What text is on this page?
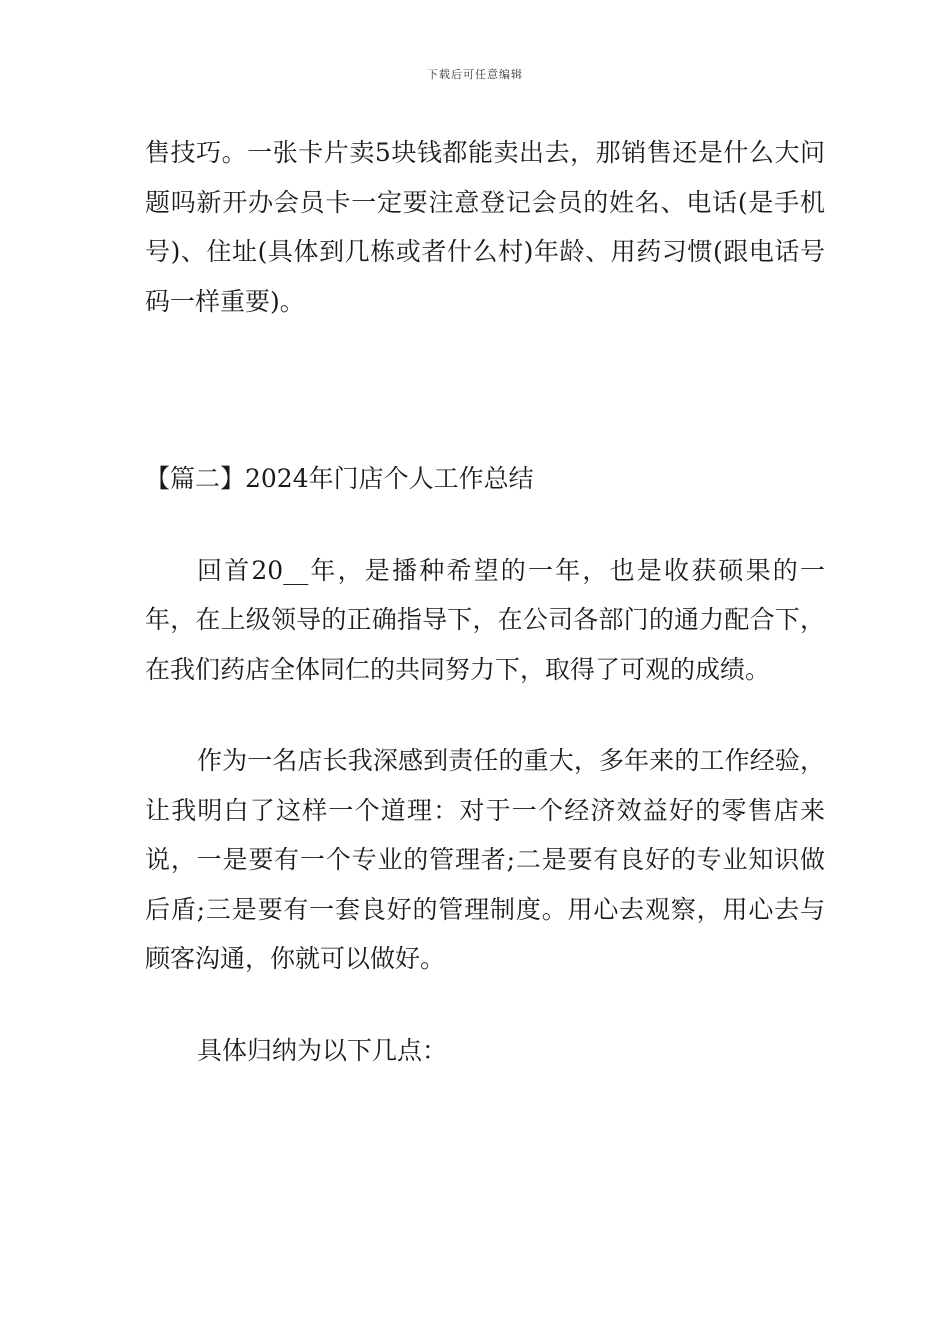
下载后可任意编辑

售技巧。一张卡片卖5块钱都能卖出去，那销售还是什么大问题吗新开办会员卡一定要注意登记会员的姓名、电话(是手机号)、住址(具体到几栋或者什么村)年龄、用药习惯(跟电话号码一样重要)。

【篇二】2024年门店个人工作总结

回首20__年，是播种希望的一年，也是收获硕果的一年，在上级领导的正确指导下，在公司各部门的通力配合下，在我们药店全体同仁的共同努力下，取得了可观的成绩。

作为一名店长我深感到责任的重大，多年来的工作经验，让我明白了这样一个道理：对于一个经济效益好的零售店来说，一是要有一个专业的管理者;二是要有良好的专业知识做后盾;三是要有一套良好的管理制度。用心去观察，用心去与顾客沟通，你就可以做好。

具体归纳为以下几点：
